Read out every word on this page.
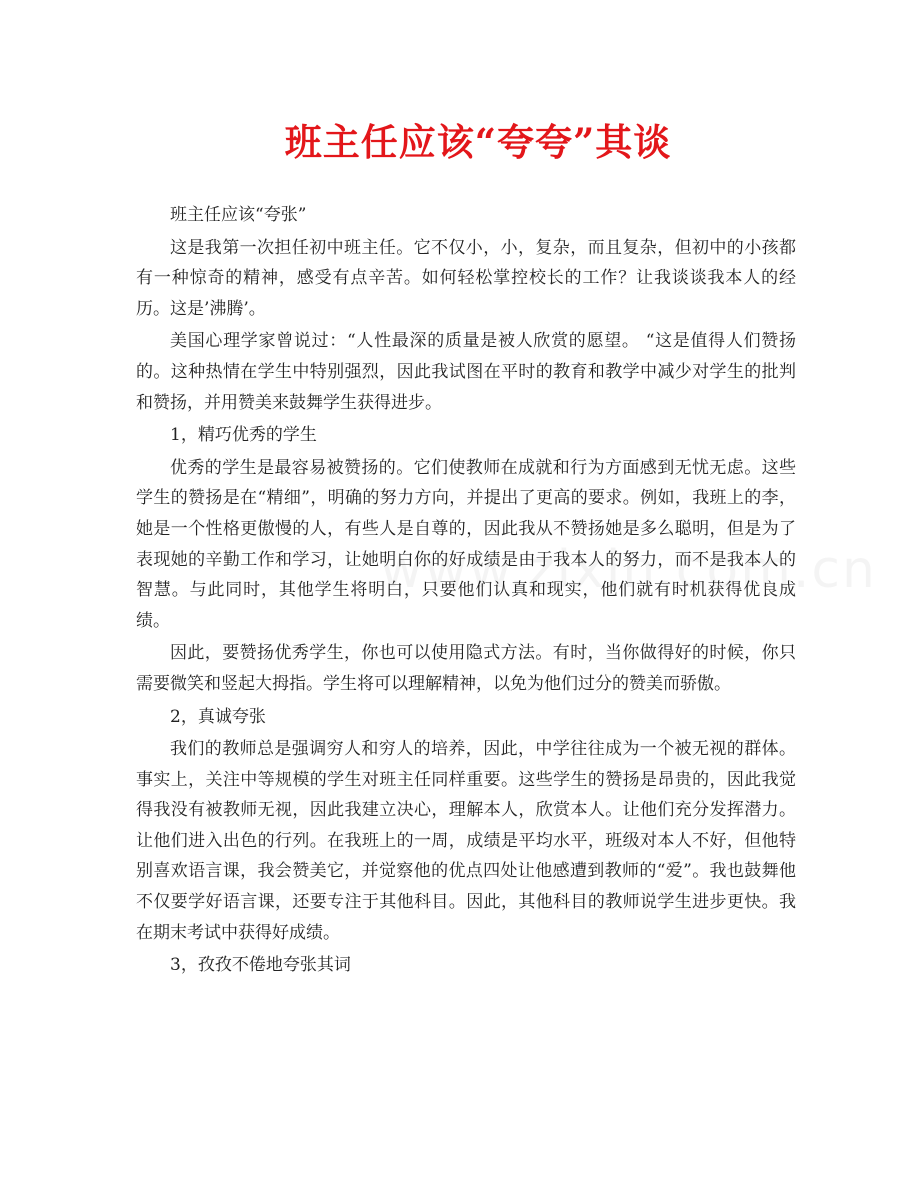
班主任应该“夸夸”其谈

班主任应该“夸张”

这是我第一次担任初中班主任。它不仅小，小，复杂，而且复杂，但初中的小孩都有一种惊奇的精神，感受有点辛苦。如何轻松掌控校长的工作？让我谈谈我本人的经历。这是’沸腾’。

美国心理学家曾说过：“人性最深的质量是被人欣赏的愿望。 “这是值得人们赞扬的。这种热情在学生中特别强烈，因此我试图在平时的教育和教学中减少对学生的批判和赞扬，并用赞美来鼓舞学生获得进步。

1，精巧优秀的学生

优秀的学生是最容易被赞扬的。它们使教师在成就和行为方面感到无忧无虑。这些学生的赞扬是在“精细”，明确的努力方向，并提出了更高的要求。例如，我班上的李，她是一个性格更傲慢的人，有些人是自尊的，因此我从不赞扬她是多么聪明，但是为了表现她的辛勤工作和学习，让她明白你的好成绩是由于我本人的努力，而不是我本人的智慧。与此同时，其他学生将明白，只要他们认真和现实，他们就有时机获得优良成绩。

因此，要赞扬优秀学生，你也可以使用隐式方法。有时，当你做得好的时候，你只需要微笑和竖起大拇指。学生将可以理解精神，以免为他们过分的赞美而骄傲。

2，真诚夸张

我们的教师总是强调穷人和穷人的培养，因此，中学往往成为一个被无视的群体。事实上，关注中等规模的学生对班主任同样重要。这些学生的赞扬是昂贵的，因此我觉得我没有被教师无视，因此我建立决心，理解本人，欣赏本人。让他们充分发挥潜力。让他们进入出色的行列。在我班上的一周，成绩是平均水平，班级对本人不好，但他特别喜欢语言课，我会赞美它，并觉察他的优点四处让他感遭到教师的“爱”。我也鼓舞他不仅要学好语言课，还要专注于其他科目。因此，其他科目的教师说学生进步更快。我在期末考试中获得好成绩。

3，孜孜不倦地夸张其词
